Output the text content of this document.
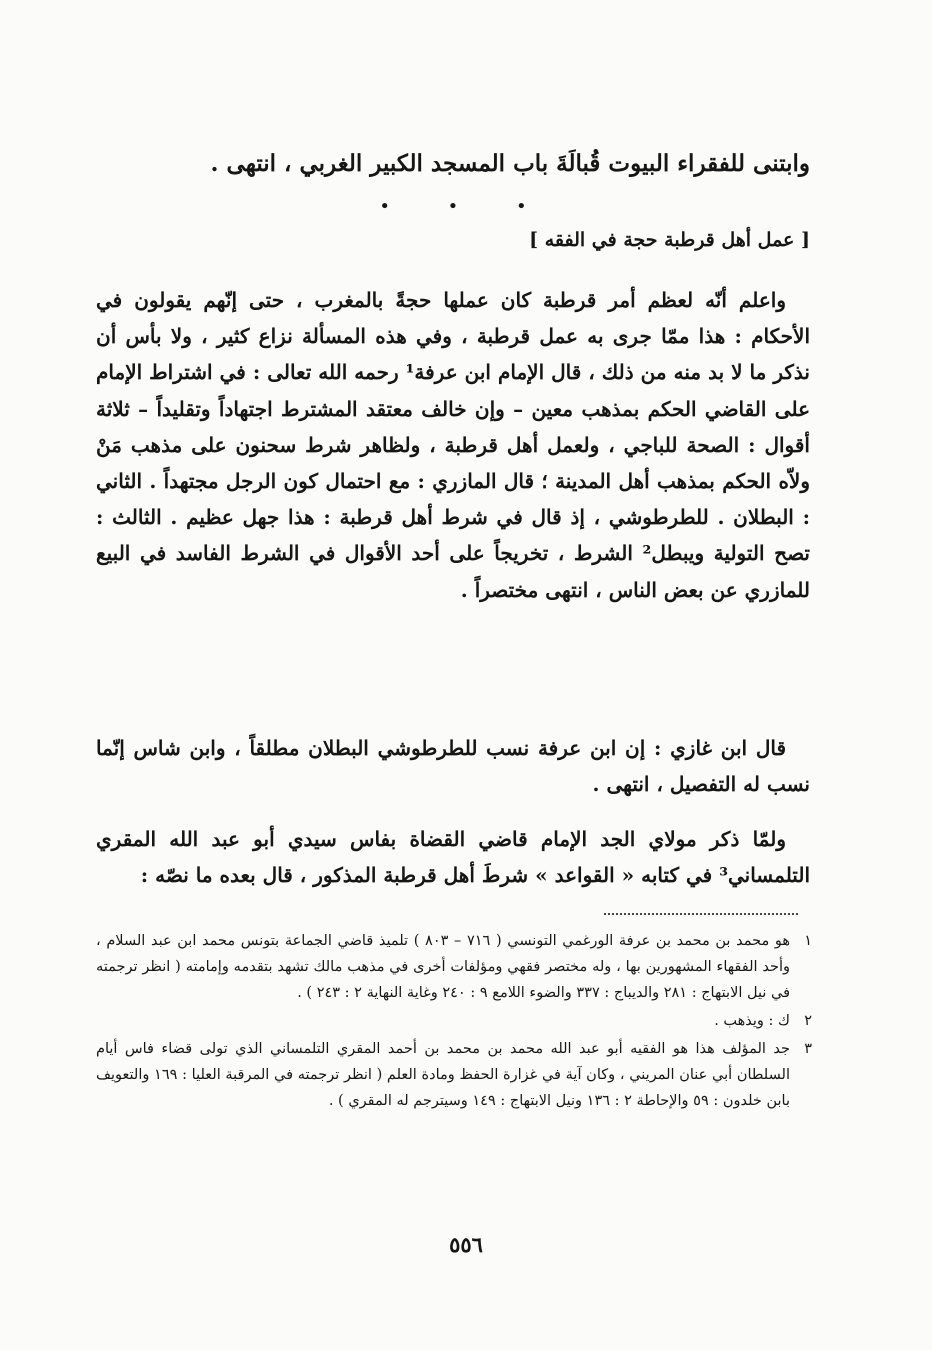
وابتنى للفقراء البيوت قُبالَةَ باب المسجد الكبير الغربي ، انتهى .
• • •
[ عمل أهل قرطبة حجة في الفقه ]
واعلم أنّه لعظم أمر قرطبة كان عملها حجةً بالمغرب ، حتى إنّهم يقولون في الأحكام : هذا ممّا جرى به عمل قرطبة ، وفي هذه المسألة نزاع كثير ، ولا بأس أن نذكر ما لا بد منه من ذلك ، قال الإمام ابن عرفة¹ رحمه الله تعالى : في اشتراط الإمام على القاضي الحكم بمذهب معين – وإن خالف معتقد المشترط اجتهاداً وتقليداً – ثلاثة أقوال : الصحة للباجي ، ولعمل أهل قرطبة ، ولظاهر شرط سحنون على مذهب مَنْ ولاّه الحكم بمذهب أهل المدينة ؛ قال المازري : مع احتمال كون الرجل مجتهداً . الثاني : البطلان . للطرطوشي ، إذ قال في شرط أهل قرطبة : هذا جهل عظيم . الثالث : تصح التولية ويبطل² الشرط ، تخريجاً على أحد الأقوال في الشرط الفاسد في البيع للمازري عن بعض الناس ، انتهى مختصراً .
قال ابن غازي : إن ابن عرفة نسب للطرطوشي البطلان مطلقاً ، وابن شاس إنّما نسب له التفصيل ، انتهى .
ولمّا ذكر مولاي الجد الإمام قاضي القضاة بفاس سيدي أبو عبد الله المقري التلمساني³ في كتابه « القواعد » شرطَ أهل قرطبة المذكور ، قال بعده ما نصّه :
١
هو محمد بن محمد بن عرفة الورغمي التونسي ( ٧١٦ – ٨٠٣ ) تلميذ قاضي الجماعة بتونس محمد ابن عبد السلام ، وأحد الفقهاء المشهورين بها ، وله مختصر فقهي ومؤلفات أخرى في مذهب مالك تشهد بتقدمه وإمامته ( انظر ترجمته في نيل الابتهاج : ٢٨١ والديباج : ٣٣٧ والضوء اللامع ٩ : ٢٤٠ وغاية النهاية ٢ : ٢٤٣ ) .
٢
ك : ويذهب .
٣
جد المؤلف هذا هو الفقيه أبو عبد الله محمد بن محمد بن أحمد المقري التلمساني الذي تولى قضاء فاس أيام السلطان أبي عنان المريني ، وكان آية في غزارة الحفظ ومادة العلم ( انظر ترجمته في المرقبة العليا : ١٦٩ والتعويف بابن خلدون : ٥٩ والإحاطة ٢ : ١٣٦ ونيل الابتهاج : ١٤٩ وسيترجم له المقري ) .
٥٥٦
